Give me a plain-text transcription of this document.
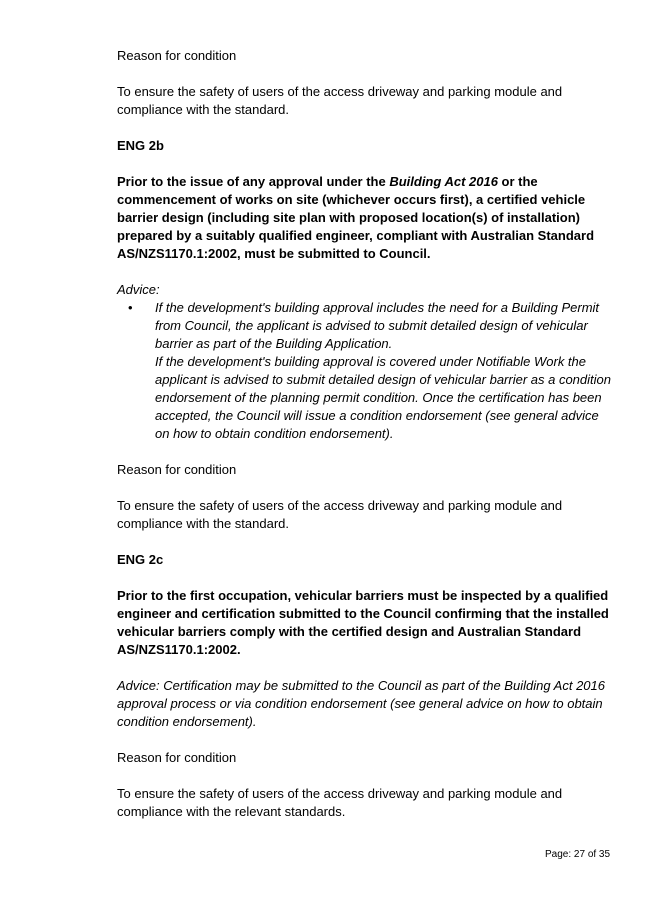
Reason for condition

To ensure the safety of users of the access driveway and parking module and compliance with the standard.

ENG 2b

Prior to the issue of any approval under the Building Act 2016 or the commencement of works on site (whichever occurs first), a certified vehicle barrier design (including site plan with proposed location(s) of installation) prepared by a suitably qualified engineer, compliant with Australian Standard AS/NZS1170.1:2002, must be submitted to Council.

Advice:

• If the development's building approval includes the need for a Building Permit from Council, the applicant is advised to submit detailed design of vehicular barrier as part of the Building Application.
If the development's building approval is covered under Notifiable Work the applicant is advised to submit detailed design of vehicular barrier as a condition endorsement of the planning permit condition. Once the certification has been accepted, the Council will issue a condition endorsement (see general advice on how to obtain condition endorsement).

Reason for condition

To ensure the safety of users of the access driveway and parking module and compliance with the standard.

ENG 2c

Prior to the first occupation, vehicular barriers must be inspected by a qualified engineer and certification submitted to the Council confirming that the installed vehicular barriers comply with the certified design and Australian Standard AS/NZS1170.1:2002.

Advice: Certification may be submitted to the Council as part of the Building Act 2016 approval process or via condition endorsement (see general advice on how to obtain condition endorsement).

Reason for condition

To ensure the safety of users of the access driveway and parking module and compliance with the relevant standards.

Page: 27 of 35
